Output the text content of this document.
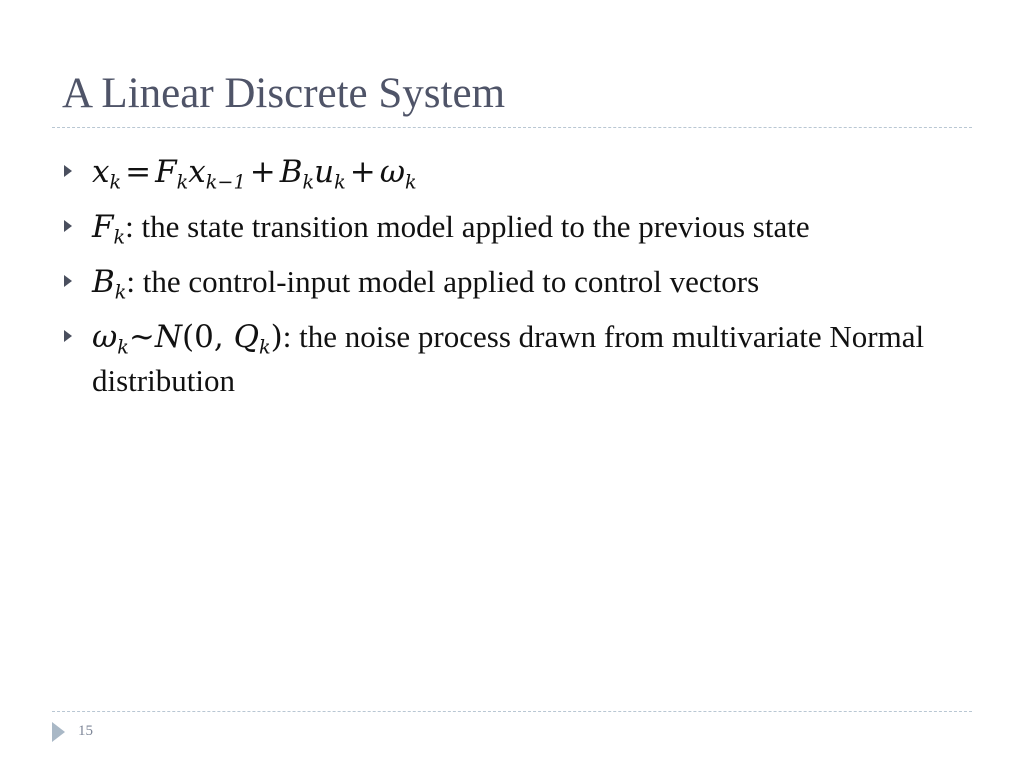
A Linear Discrete System
$x_k = F_kx_{k-1} + B_ku_k + \omega_k$
$F_k$: the state transition model applied to the previous state
$B_k$: the control-input model applied to control vectors
$\omega_k\sim N(0$, $Q_k$): the noise process drawn from multivariate Normal distribution
15
